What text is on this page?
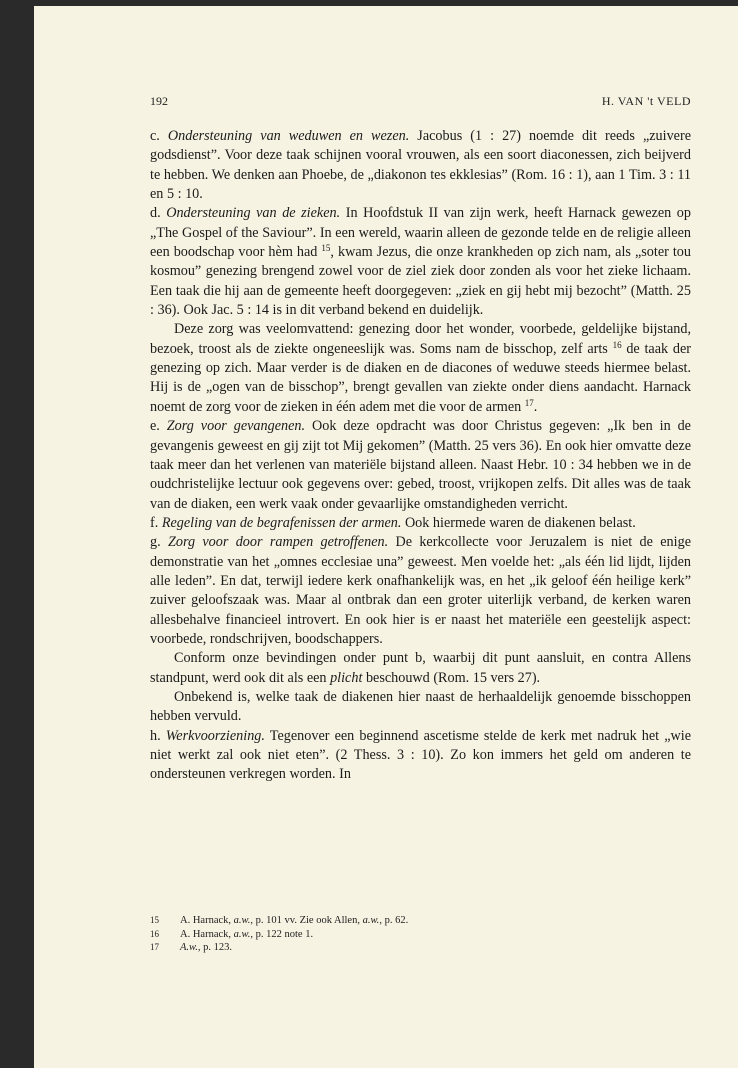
192	H. VAN 't VELD

c. Ondersteuning van weduwen en wezen. Jacobus (1 : 27) noemde dit reeds „zuivere godsdienst”. Voor deze taak schijnen vooral vrouwen, als een soort diaconessen, zich beijverd te hebben. We denken aan Phoebe, de „diakonon tes ekklesias” (Rom. 16 : 1), aan 1 Tim. 3 : 11 en 5 : 10.

d. Ondersteuning van de zieken. In Hoofdstuk II van zijn werk, heeft Harnack gewezen op „The Gospel of the Saviour”. In een wereld, waarin alleen de gezonde telde en de religie alleen een boodschap voor hèm had $^{15}$, kwam Jezus, die onze krankheden op zich nam, als „soter tou kosmou” genezing brengend zowel voor de ziel ziek door zonden als voor het zieke lichaam. Een taak die hij aan de gemeente heeft doorgegeven: „ziek en gij hebt mij bezocht” (Matth. 25 : 36). Ook Jac. 5 : 14 is in dit verband bekend en duidelijk.

Deze zorg was veelomvattend: genezing door het wonder, voorbede, geldelijke bijstand, bezoek, troost als de ziekte ongeneeslijk was. Soms nam de bisschop, zelf arts $^{16}$ de taak der genezing op zich. Maar verder is de diaken en de diacones of weduwe steeds hiermee belast. Hij is de „ogen van de bisschop”, brengt gevallen van ziekte onder diens aandacht. Harnack noemt de zorg voor de zieken in één adem met die voor de armen $^{17}$.

e. Zorg voor gevangenen. Ook deze opdracht was door Christus gegeven: „Ik ben in de gevangenis geweest en gij zijt tot Mij gekomen” (Matth. 25 vers 36). En ook hier omvatte deze taak meer dan het verlenen van materiële bijstand alleen. Naast Hebr. 10 : 34 hebben we in de oudchristelijke lectuur ook gegevens over: gebed, troost, vrijkopen zelfs. Dit alles was de taak van de diaken, een werk vaak onder gevaarlijke omstandigheden verricht.

f. Regeling van de begrafenissen der armen. Ook hiermede waren de diakenen belast.

g. Zorg voor door rampen getroffenen. De kerkcollecte voor Jeruzalem is niet de enige demonstratie van het „omnes ecclesiae una” geweest. Men voelde het: „als één lid lijdt, lijden alle leden”. En dat, terwijl iedere kerk onafhankelijk was, en het „ik geloof één heilige kerk” zuiver geloofszaak was. Maar al ontbrak dan een groter uiterlijk verband, de kerken waren allesbehalve financieel introvert. En ook hier is er naast het materiële een geestelijk aspect: voorbede, rondschrijven, boodschappers.

Conform onze bevindingen onder punt b, waarbij dit punt aansluit, en contra Allens standpunt, werd ook dit als een plicht beschouwd (Rom. 15 vers 27).

Onbekend is, welke taak de diakenen hier naast de herhaaldelijk genoemde bisschoppen hebben vervuld.

h. Werkvoorziening. Tegenover een beginnend ascetisme stelde de kerk met nadruk het „wie niet werkt zal ook niet eten”. (2 Thess. 3 : 10). Zo kon immers het geld om anderen te ondersteunen verkregen worden. In

15	A. Harnack, a.w., p. 101 vv. Zie ook Allen, a.w., p. 62.
16	A. Harnack, a.w., p. 122 note 1.
17	A.w., p. 123.
